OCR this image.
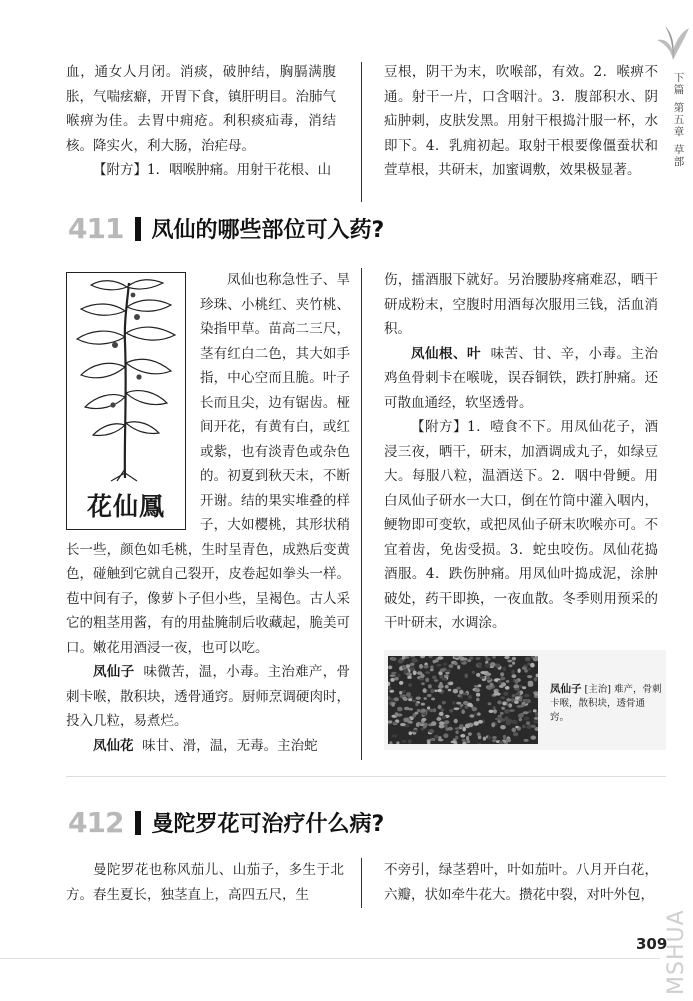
下篇
第五章
草部

血，通女人月闭。消痰，破肿结，胸膈满腹胀，气喘痃癖，开胃下食，镇肝明目。治肺气喉痹为佳。去胃中痈疮。利积痰疝毒，消结核。降实火，利大肠，治疟母。

【附方】1．咽喉肿痛。用射干花根、山

豆根，阴干为末，吹喉部，有效。2．喉痹不通。射干一片，口含咽汁。3．腹部积水、阴疝肿刺，皮肤发黑。用射干根捣汁服一杯，水即下。4．乳痈初起。取射干根要像僵蚕状和萱草根，共研末，加蜜调敷，效果极显著。

411 凤仙的哪些部位可入药?
花仙鳳

凤仙也称急性子、旱珍珠、小桃红、夹竹桃、染指甲草。苗高二三尺，茎有红白二色，其大如手指，中心空而且脆。叶子长而且尖，边有锯齿。桠间开花，有黄有白，或红或紫，也有淡青色或杂色的。初夏到秋天末，不断开谢。结的果实堆叠的样子，大如樱桃，其形状稍长一些，颜色如毛桃，生时呈青色，成熟后变黄色，碰触到它就自己裂开，皮卷起如拳头一样。苞中间有子，像萝卜子但小些，呈褐色。古人采它的粗茎用酱，有的用盐腌制后收藏起，脆美可口。嫩花用酒浸一夜，也可以吃。

凤仙子 味微苦，温，小毒。主治难产，骨刺卡喉，散积块，透骨通窍。厨师烹调硬肉时，投入几粒，易煮烂。

凤仙花 味甘、滑，温，无毒。主治蛇

伤，擂酒服下就好。另治腰胁疼痛难忍，晒干研成粉末，空腹时用酒每次服用三钱，活血消积。

凤仙根、叶 味苦、甘、辛，小毒。主治鸡鱼骨刺卡在喉咙，误吞铜铁，跌打肿痛。还可散血通经，软坚透骨。

【附方】1．噎食不下。用凤仙花子，酒浸三夜，晒干，研末，加酒调成丸子，如绿豆大。每服八粒，温酒送下。2．咽中骨鲠。用白凤仙子研水一大口，倒在竹筒中灌入咽内，鲠物即可变软，或把凤仙子研末吹喉亦可。不宜着齿，免齿受损。3．蛇虫咬伤。凤仙花捣酒服。4．跌伤肿痛。用凤仙叶捣成泥，涂肿破处，药干即换，一夜血散。冬季则用预采的干叶研末，水调涂。

凤仙子 [主治] 难产，骨刺卡喉，散积块，透骨通窍。
412 曼陀罗花可治疗什么病?

曼陀罗花也称风茄儿、山茄子，多生于北方。春生夏长，独茎直上，高四五尺，生

不旁引，绿茎碧叶，叶如茄叶。八月开白花，六瓣，状如牵牛花大。攒花中裂，对叶外包，

309
MSHUA
